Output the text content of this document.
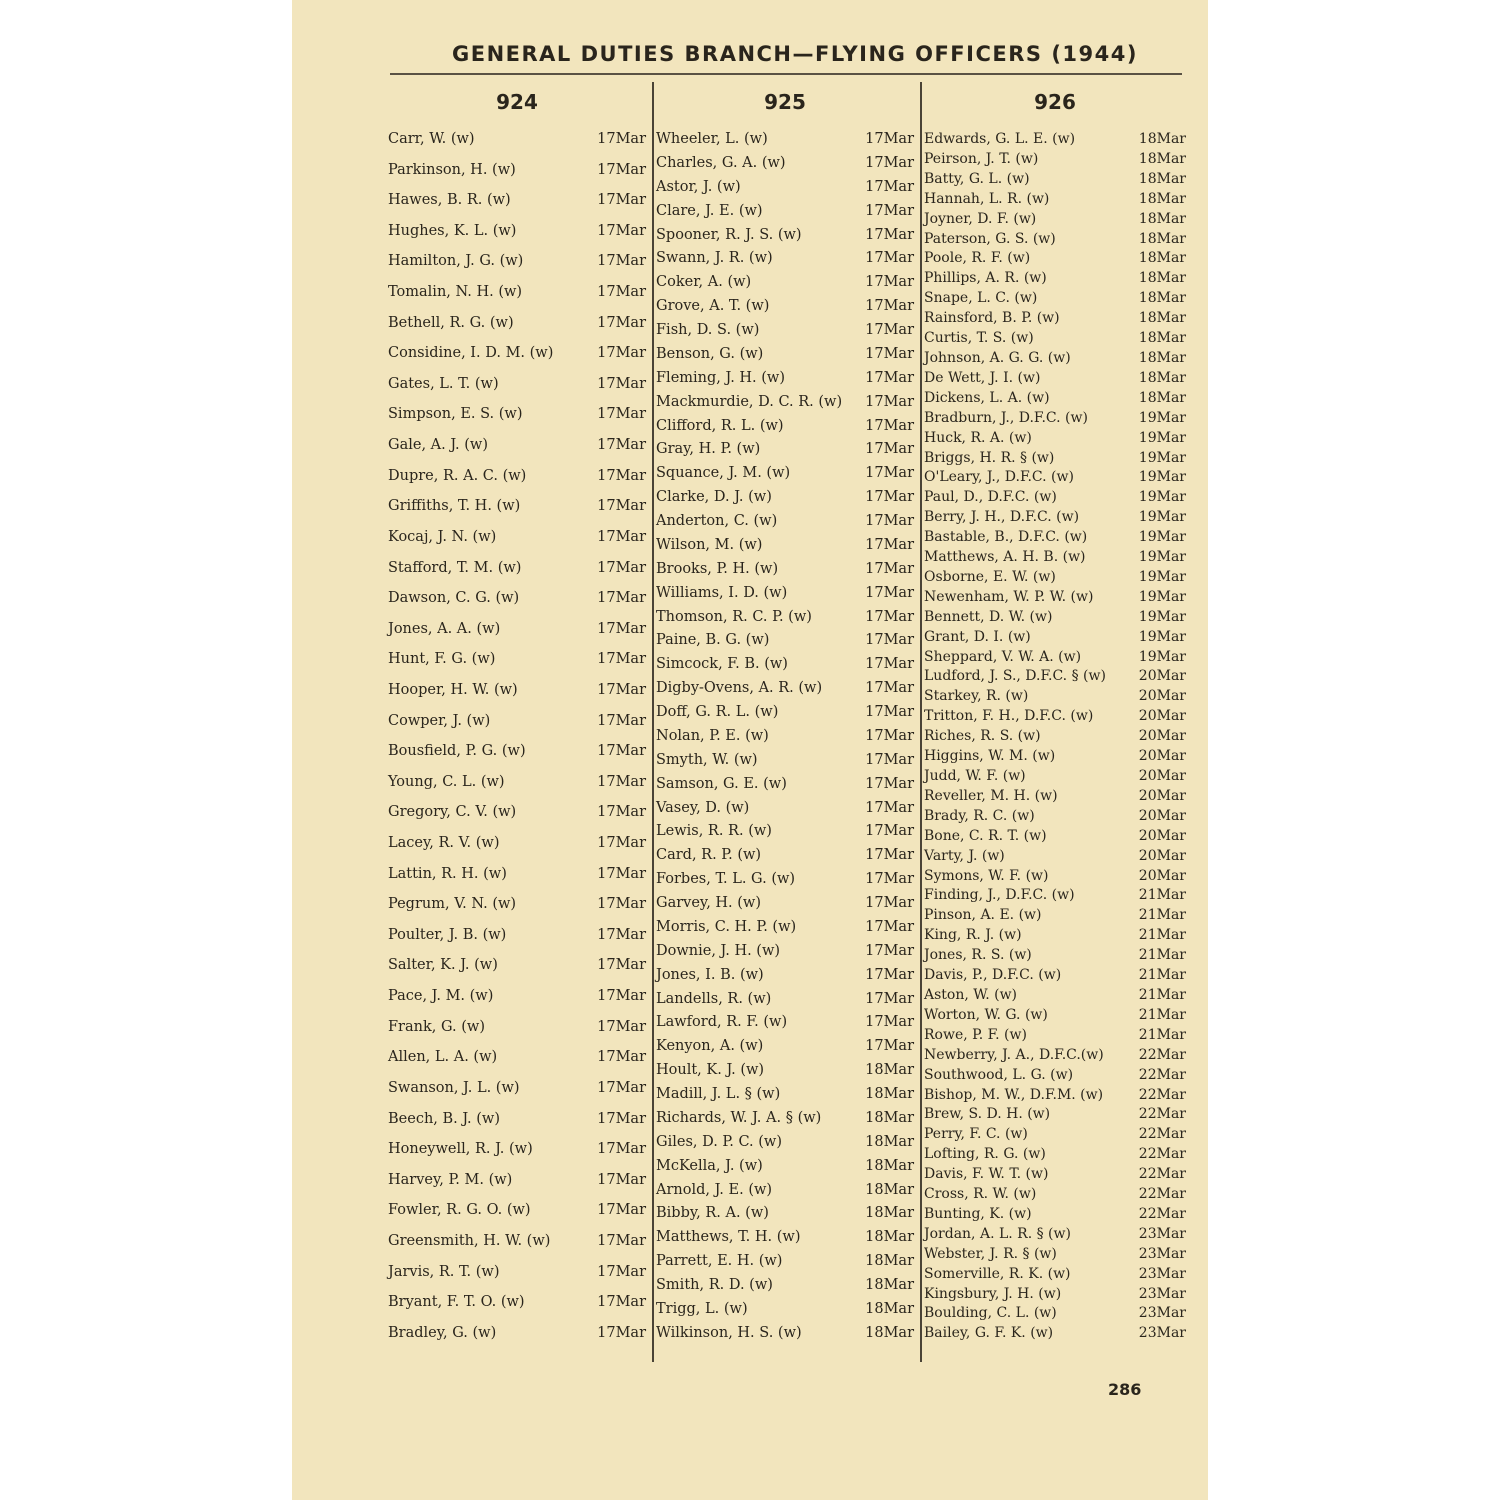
GENERAL DUTIES BRANCH—FLYING OFFICERS (1944)
924
Carr, W. (w)	17Mar
Parkinson, H. (w)	17Mar
Hawes, B. R. (w)	17Mar
Hughes, K. L. (w)	17Mar
Hamilton, J. G. (w)	17Mar
Tomalin, N. H. (w)	17Mar
Bethell, R. G. (w)	17Mar
Considine, I. D. M. (w)	17Mar
Gates, L. T. (w)	17Mar
Simpson, E. S. (w)	17Mar
Gale, A. J. (w)	17Mar
Dupre, R. A. C. (w)	17Mar
Griffiths, T. H. (w)	17Mar
Kocaj, J. N. (w)	17Mar
Stafford, T. M. (w)	17Mar
Dawson, C. G. (w)	17Mar
Jones, A. A. (w)	17Mar
Hunt, F. G. (w)	17Mar
Hooper, H. W. (w)	17Mar
Cowper, J. (w)	17Mar
Bousfield, P. G. (w)	17Mar
Young, C. L. (w)	17Mar
Gregory, C. V. (w)	17Mar
Lacey, R. V. (w)	17Mar
Lattin, R. H. (w)	17Mar
Pegrum, V. N. (w)	17Mar
Poulter, J. B. (w)	17Mar
Salter, K. J. (w)	17Mar
Pace, J. M. (w)	17Mar
Frank, G. (w)	17Mar
Allen, L. A. (w)	17Mar
Swanson, J. L. (w)	17Mar
Beech, B. J. (w)	17Mar
Honeywell, R. J. (w)	17Mar
Harvey, P. M. (w)	17Mar
Fowler, R. G. O. (w)	17Mar
Greensmith, H. W. (w)	17Mar
Jarvis, R. T. (w)	17Mar
Bryant, F. T. O. (w)	17Mar
Bradley, G. (w)	17Mar
925
Wheeler, L. (w)	17Mar
Charles, G. A. (w)	17Mar
Astor, J. (w)	17Mar
Clare, J. E. (w)	17Mar
Spooner, R. J. S. (w)	17Mar
Swann, J. R. (w)	17Mar
Coker, A. (w)	17Mar
Grove, A. T. (w)	17Mar
Fish, D. S. (w)	17Mar
Benson, G. (w)	17Mar
Fleming, J. H. (w)	17Mar
Mackmurdie, D. C. R. (w)	17Mar
Clifford, R. L. (w)	17Mar
Gray, H. P. (w)	17Mar
Squance, J. M. (w)	17Mar
Clarke, D. J. (w)	17Mar
Anderton, C. (w)	17Mar
Wilson, M. (w)	17Mar
Brooks, P. H. (w)	17Mar
Williams, I. D. (w)	17Mar
Thomson, R. C. P. (w)	17Mar
Paine, B. G. (w)	17Mar
Simcock, F. B. (w)	17Mar
Digby-Ovens, A. R. (w)	17Mar
Doff, G. R. L. (w)	17Mar
Nolan, P. E. (w)	17Mar
Smyth, W. (w)	17Mar
Samson, G. E. (w)	17Mar
Vasey, D. (w)	17Mar
Lewis, R. R. (w)	17Mar
Card, R. P. (w)	17Mar
Forbes, T. L. G. (w)	17Mar
Garvey, H. (w)	17Mar
Morris, C. H. P. (w)	17Mar
Downie, J. H. (w)	17Mar
Jones, I. B. (w)	17Mar
Landells, R. (w)	17Mar
Lawford, R. F. (w)	17Mar
Kenyon, A. (w)	17Mar
Hoult, K. J. (w)	18Mar
Madill, J. L. § (w)	18Mar
Richards, W. J. A. § (w)	18Mar
Giles, D. P. C. (w)	18Mar
McKella, J. (w)	18Mar
Arnold, J. E. (w)	18Mar
Bibby, R. A. (w)	18Mar
Matthews, T. H. (w)	18Mar
Parrett, E. H. (w)	18Mar
Smith, R. D. (w)	18Mar
Trigg, L. (w)	18Mar
Wilkinson, H. S. (w)	18Mar
926
Edwards, G. L. E. (w)	18Mar
Peirson, J. T. (w)	18Mar
Batty, G. L. (w)	18Mar
Hannah, L. R. (w)	18Mar
Joyner, D. F. (w)	18Mar
Paterson, G. S. (w)	18Mar
Poole, R. F. (w)	18Mar
Phillips, A. R. (w)	18Mar
Snape, L. C. (w)	18Mar
Rainsford, B. P. (w)	18Mar
Curtis, T. S. (w)	18Mar
Johnson, A. G. G. (w)	18Mar
De Wett, J. I. (w)	18Mar
Dickens, L. A. (w)	18Mar
Bradburn, J., D.F.C. (w)	19Mar
Huck, R. A. (w)	19Mar
Briggs, H. R. § (w)	19Mar
O'Leary, J., D.F.C. (w)	19Mar
Paul, D., D.F.C. (w)	19Mar
Berry, J. H., D.F.C. (w)	19Mar
Bastable, B., D.F.C. (w)	19Mar
Matthews, A. H. B. (w)	19Mar
Osborne, E. W. (w)	19Mar
Newenham, W. P. W. (w)	19Mar
Bennett, D. W. (w)	19Mar
Grant, D. I. (w)	19Mar
Sheppard, V. W. A. (w)	19Mar
Ludford, J. S., D.F.C. § (w)	20Mar
Starkey, R. (w)	20Mar
Tritton, F. H., D.F.C. (w)	20Mar
Riches, R. S. (w)	20Mar
Higgins, W. M. (w)	20Mar
Judd, W. F. (w)	20Mar
Reveller, M. H. (w)	20Mar
Brady, R. C. (w)	20Mar
Bone, C. R. T. (w)	20Mar
Varty, J. (w)	20Mar
Symons, W. F. (w)	20Mar
Finding, J., D.F.C. (w)	21Mar
Pinson, A. E. (w)	21Mar
King, R. J. (w)	21Mar
Jones, R. S. (w)	21Mar
Davis, P., D.F.C. (w)	21Mar
Aston, W. (w)	21Mar
Worton, W. G. (w)	21Mar
Rowe, P. F. (w)	21Mar
Newberry, J. A., D.F.C.(w)	22Mar
Southwood, L. G. (w)	22Mar
Bishop, M. W., D.F.M. (w)	22Mar
Brew, S. D. H. (w)	22Mar
Perry, F. C. (w)	22Mar
Lofting, R. G. (w)	22Mar
Davis, F. W. T. (w)	22Mar
Cross, R. W. (w)	22Mar
Bunting, K. (w)	22Mar
Jordan, A. L. R. § (w)	23Mar
Webster, J. R. § (w)	23Mar
Somerville, R. K. (w)	23Mar
Kingsbury, J. H. (w)	23Mar
Boulding, C. L. (w)	23Mar
Bailey, G. F. K. (w)	23Mar
286
